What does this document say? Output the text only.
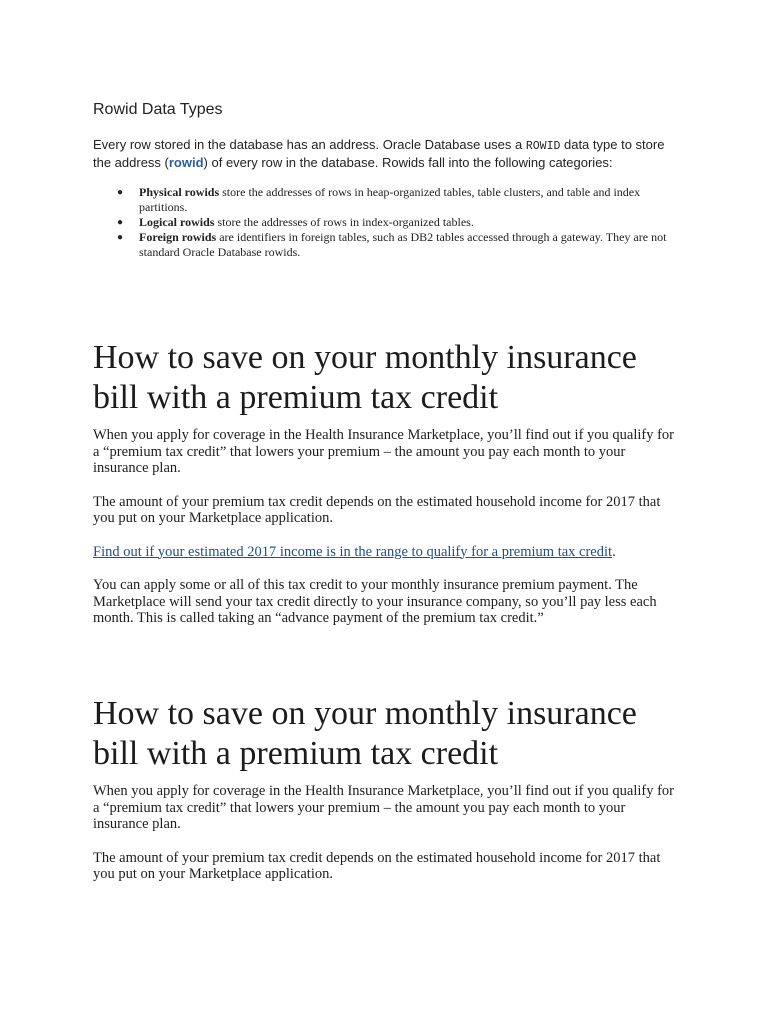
Rowid Data Types

Every row stored in the database has an address. Oracle Database uses a ROWID data type to store the address (rowid) of every row in the database. Rowids fall into the following categories:

● Physical rowids store the addresses of rows in heap-organized tables, table clusters, and table and index partitions.
● Logical rowids store the addresses of rows in index-organized tables.
● Foreign rowids are identifiers in foreign tables, such as DB2 tables accessed through a gateway. They are not standard Oracle Database rowids.
How to save on your monthly insurance bill with a premium tax credit

When you apply for coverage in the Health Insurance Marketplace, you’ll find out if you qualify for a “premium tax credit” that lowers your premium – the amount you pay each month to your insurance plan.

The amount of your premium tax credit depends on the estimated household income for 2017 that you put on your Marketplace application.

Find out if your estimated 2017 income is in the range to qualify for a premium tax credit.

You can apply some or all of this tax credit to your monthly insurance premium payment. The Marketplace will send your tax credit directly to your insurance company, so you’ll pay less each month. This is called taking an “advance payment of the premium tax credit.”

How to save on your monthly insurance bill with a premium tax credit

When you apply for coverage in the Health Insurance Marketplace, you’ll find out if you qualify for a “premium tax credit” that lowers your premium – the amount you pay each month to your insurance plan.

The amount of your premium tax credit depends on the estimated household income for 2017 that you put on your Marketplace application.
